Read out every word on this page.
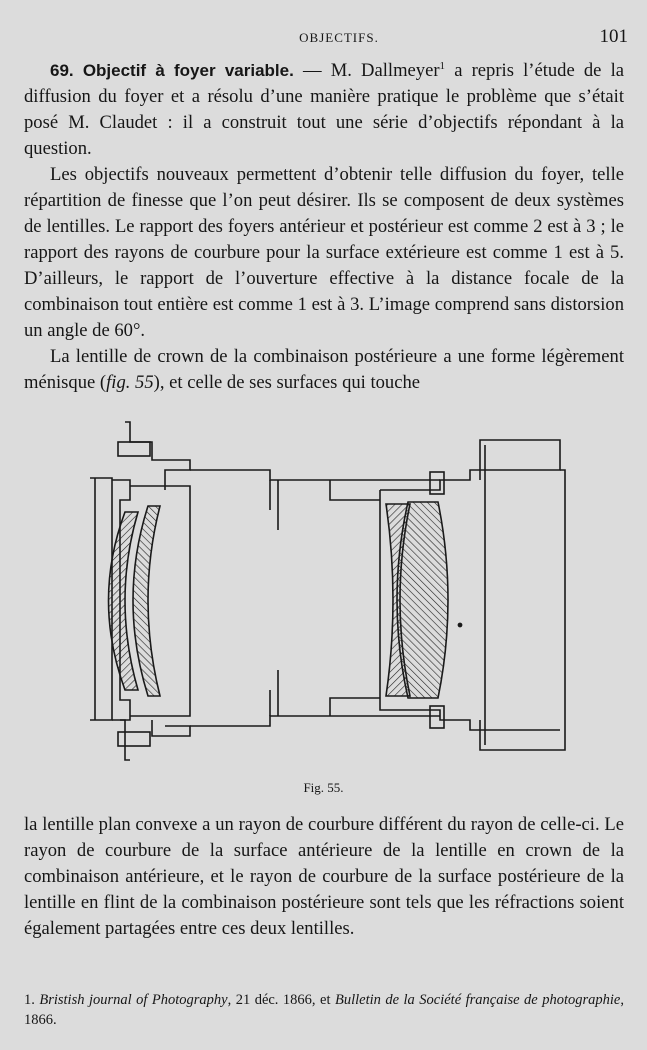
OBJECTIFS.	101

69. Objectif à foyer variable. — M. Dallmeyer$^1$ a repris l’étude de la diffusion du foyer et a résolu d’une manière pratique le problème que s’était posé M. Claudet : il a construit tout une série d’objectifs répondant à la question.

Les objectifs nouveaux permettent d’obtenir telle diffusion du foyer, telle répartition de finesse que l’on peut désirer. Ils se composent de deux systèmes de lentilles. Le rapport des foyers antérieur et postérieur est comme 2 est à 3 ; le rapport des rayons de courbure pour la surface extérieure est comme 1 est à 5. D’ailleurs, le rapport de l’ouverture effective à la distance focale de la combinaison tout entière est comme 1 est à 3. L’image comprend sans distorsion un angle de 60°.

La lentille de crown de la combinaison postérieure a une forme légèrement ménisque (fig. 55), et celle de ses surfaces qui touche

Fig. 55.

la lentille plan convexe a un rayon de courbure différent du rayon de celle-ci. Le rayon de courbure de la surface antérieure de la lentille en crown de la combinaison antérieure, et le rayon de courbure de la surface postérieure de la lentille en flint de la combinaison postérieure sont tels que les réfractions soient également partagées entre ces deux lentilles.

1. Bristish journal of Photography, 21 déc. 1866, et Bulletin de la Société française de photographie, 1866.
